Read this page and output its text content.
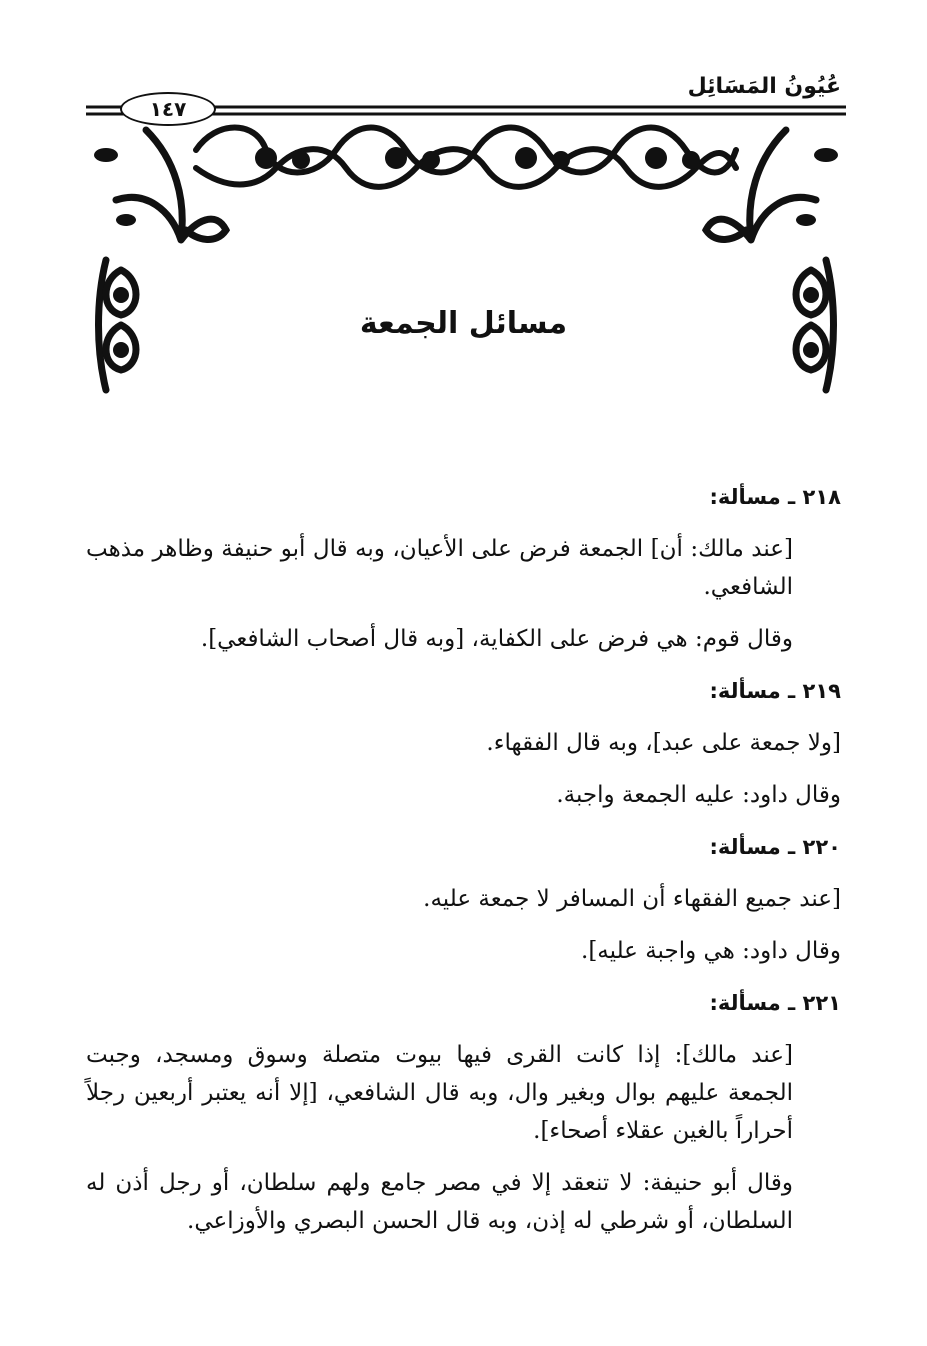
عُيُونُ المَسَائِل
١٤٧
مسائل الجمعة
٢١٨ ـ مسألة:

[عند مالك: أن] الجمعة فرض على الأعيان، وبه قال أبو حنيفة وظاهر مذهب الشافعي.

وقال قوم: هي فرض على الكفاية، [وبه قال أصحاب الشافعي].

٢١٩ ـ مسألة:

[ولا جمعة على عبد]، وبه قال الفقهاء.

وقال داود: عليه الجمعة واجبة.

٢٢٠ ـ مسألة:

[عند جميع الفقهاء أن المسافر لا جمعة عليه.

وقال داود: هي واجبة عليه].

٢٢١ ـ مسألة:

[عند مالك]: إذا كانت القرى فيها بيوت متصلة وسوق ومسجد، وجبت الجمعة عليهم بوال وبغير وال، وبه قال الشافعي، [إلا أنه يعتبر أربعين رجلاً أحراراً بالغين عقلاء أصحاء].

وقال أبو حنيفة: لا تنعقد إلا في مصر جامع ولهم سلطان، أو رجل أذن له السلطان، أو شرطي له إذن، وبه قال الحسن البصري والأوزاعي.
